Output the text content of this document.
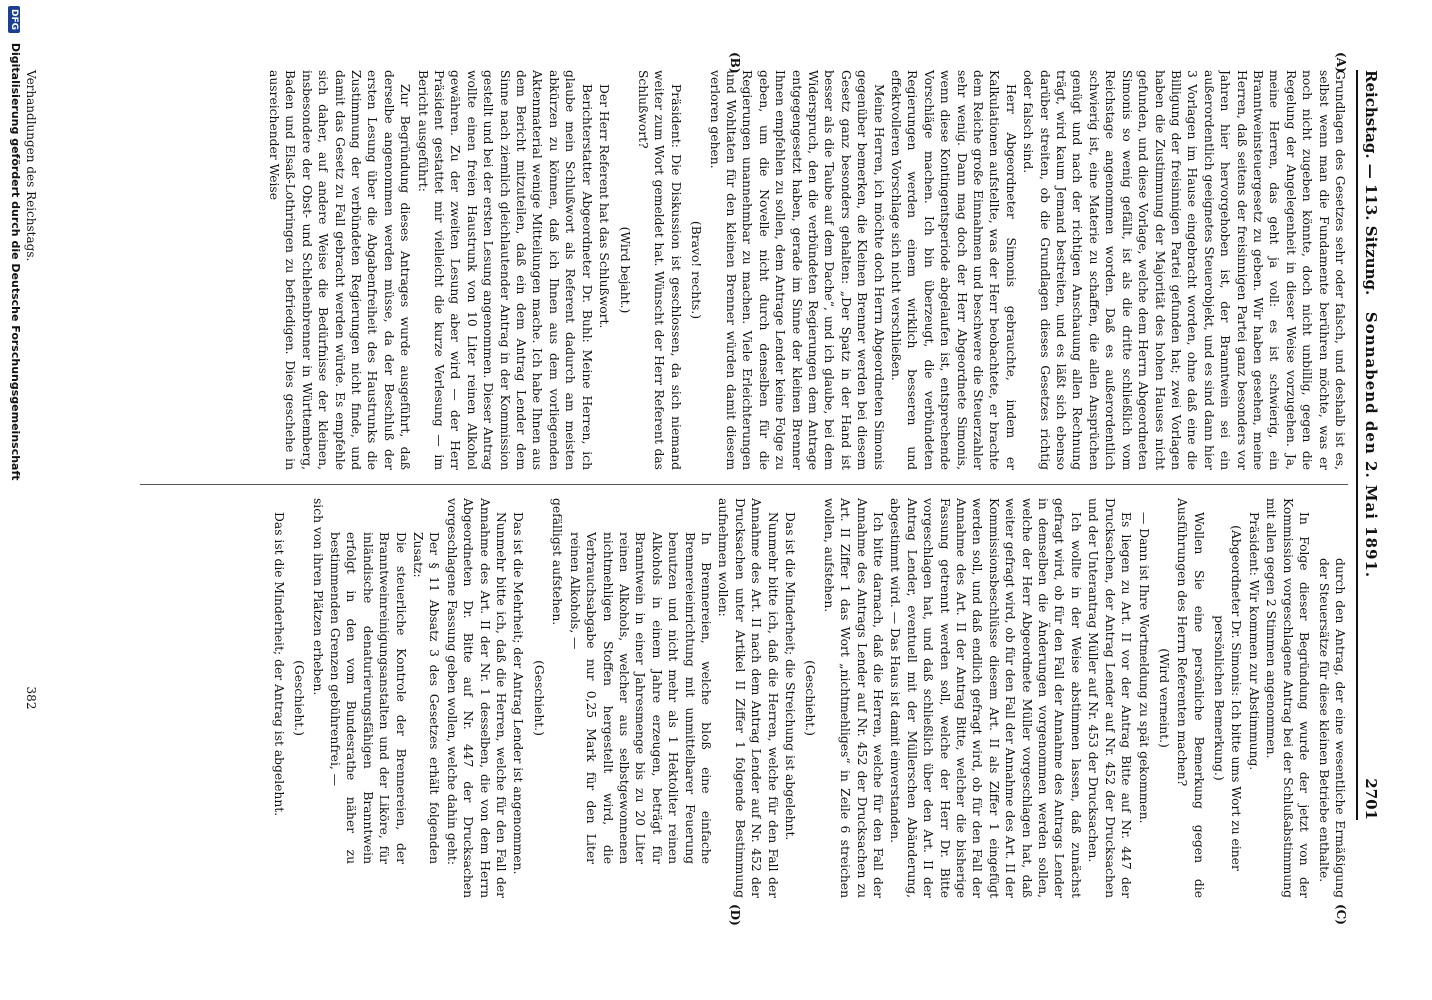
Reichstag. — 113. Sitzung.
Sonnabend den 2. Mai 1891.
2701
(A)
(B)
(C)
(D)

Grundlagen des Gesetzes sehr oder falsch, und deshalb ist es, selbst wenn man die Fundamente berühren möchte, was er noch nicht zugeben könnte, doch nicht unbillig, gegen die Regelung der Angelegenheit in dieser Weise vorzugehen. Ja, meine Herren, das geht ja voll: es ist schwierig, ein Branntweinsteuergesetz zu geben. Wir haben gesehen, meine Herren, daß seitens der freisinnigen Partei ganz besonders vor Jahren hier hervorgehoben ist, der Branntwein sei ein außerordentlich geeignetes Steuerobjekt, und es sind dann hier 3 Vorlagen im Hause eingebracht worden, ohne daß eine die Billigung der freisinnigen Partei gefunden hat; zwei Vorlagen haben die Zustimmung der Majorität des hohen Hauses nicht gefunden, und diese Vorlage, welche dem Herrn Abgeordneten Simonis so wenig gefällt, ist als die dritte schließlich vom Reichstage angenommen worden. Daß es außerordentlich schwierig ist, eine Materie zu schaffen, die allen Ansprüchen genügt und nach der richtigen Anschauung allen Rechnung trägt, wird kaum Jemand bestreiten, und es läßt sich ebenso darüber streiten, ob die Grundlagen dieses Gesetzes richtig oder falsch sind.

Herr Abgeordneter Simonis gebrauchte, indem er Kalkulationen aufstellte, was der Herr beobachtete, er brachte dem Reiche große Einnahmen und beschwere die Steuerzahler sehr wenig. Dann mag doch der Herr Abgeordnete Simonis, wenn diese Kontingentsperiode abgelaufen ist, entsprechende Vorschläge machen. Ich bin überzeugt, die verbündeten Regierungen werden einem wirklich besseren und effektvolleren Vorschlage sich nicht verschließen.

Meine Herren, ich möchte doch Herrn Abgeordneten Simonis gegenüber bemerken, die Kleinen Brenner werden bei diesem Gesetz ganz besonders gehalten: „Der Spatz in der Hand ist besser als die Taube auf dem Dache“, und ich glaube, bei dem Widerspruch, den die verbündeten Regierungen dem Antrage entgegengesetzt haben, gerade im Sinne der kleinen Brenner Ihnen empfehlen zu sollen, dem Antrage Lender keine Folge zu geben, um die Novelle nicht durch denselben für die Regierungen unannehmbar zu machen. Viele Erleichterungen und Wohltaten für den kleinen Brenner würden damit diesem verloren gehen.

(Bravo! rechts.)

Präsident: Die Diskussion ist geschlossen, da sich niemand weiter zum Wort gemeldet hat. Wünscht der Herr Referent das Schlußwort?

(Wird bejaht.)

Der Herr Referent hat das Schlußwort.

Berichterstatter Abgeordneter Dr. Buhl: Meine Herren, ich glaube mein Schlußwort als Referent dadurch am meisten abkürzen zu können, daß ich Ihnen aus dem vorliegenden Aktenmaterial wenige Mitteilungen mache. Ich habe Ihnen aus dem Bericht mitzuteilen, daß ein dem Antrag Lender dem Sinne nach ziemlich gleichlautender Antrag in der Kommission gestellt und bei der ersten Lesung angenommen. Dieser Antrag wollte einen freien Haustrunk von 10 Liter reinen Alkohol gewähren. Zu der zweiten Lesung aber wird — der Herr Präsident gestattet mir vielleicht die kurze Verlesung — im Bericht ausgeführt:

Zur Begründung dieses Antrages wurde ausgeführt, daß derselbe angenommen werden müsse, da der Beschluß der ersten Lesung über die Abgabenfreiheit des Haustrunks die Zustimmung der verbündeten Regierungen nicht finde, und damit das Gesetz zu Fall gebracht werden würde. Es empfehle sich daher, auf andere Weise die Bedürfnisse der kleinen, insbesondere der Obst- und Schlehenbrenner in Württemberg, Baden und Elsaß-Lothringen zu befriedigen. Dies geschehe in ausreichender Weise

durch den Antrag, der eine wesentliche Ermäßigung der Steuersätze für diese kleinen Betriebe enthalte.

In Folge dieser Begründung wurde der jetzt von der Kommission vorgeschlagene Antrag bei der Schlußabstimmung mit allen gegen 2 Stimmen angenommen.

Präsident: Wir kommen zur Abstimmung.

(Abgeordneter Dr. Simonis: Ich bitte ums Wort zu einer persönlichen Bemerkung.)

Wollen Sie eine persönliche Bemerkung gegen die Ausführungen des Herrn Referenten machen?

(Wird verneint.)

— Dann ist Ihre Wortmeldung zu spät gekommen.

Es liegen zu Art. II vor der Antrag Bitte auf Nr. 447 der Drucksachen, der Antrag Lender auf Nr. 452 der Drucksachen und der Unterantrag Müller auf Nr. 453 der Drucksachen.

Ich wollte in der Weise abstimmen lassen, daß zunächst gefragt wird, ob für den Fall der Annahme des Antrags Lender in demselben die Änderungen vorgenommen werden sollen, welche der Herr Abgeordnete Müller vorgeschlagen hat, daß weiter gefragt wird, ob für den Fall der Annahme des Art. II der Kommissionsbeschlüsse diesem Art. II als Ziffer 1 eingefügt werden soll, und daß endlich gefragt wird, ob für den Fall der Annahme des Art. II der Antrag Bitte, welcher die bisherige Fassung getrennt werden soll, welche der Herr Dr. Bitte vorgeschlagen hat, und daß schließlich über den Art. II der Antrag Lender, eventuell mit der Müllerschen Abänderung, abgestimmt wird. — Das Haus ist damit einverstanden.

Ich bitte darnach, daß die Herren, welche für den Fall der Annahme des Antrags Lender auf Nr. 452 der Drucksachen zu Art. II Ziffer 1 das Wort „nichtmehliges“ in Zeile 6 streichen wollen, aufstehen.

(Geschieht.)

Das ist die Minderheit; die Streichung ist abgelehnt.

Nunmehr bitte ich, daß die Herren, welche für den Fall der Annahme des Art. II nach dem Antrag Lender auf Nr. 452 der Drucksachen unter Artikel II Ziffer 1 folgende Bestimmung aufnehmen wollen:

In Brennereien, welche bloß eine einfache Brennereieinrichtung mit unmittelbarer Feuerung benutzen und nicht mehr als 1 Hektoliter reinen Alkohols in einem Jahre erzeugen, beträgt für Branntwein in einer Jahresmenge bis zu 20 Liter reinen Alkohols, welcher aus selbstgewonnenen nichtmehligen Stoffen hergestellt wird, die Verbrauchsabgabe nur 0,25 Mark für den Liter reinen Alkohols, —

gefälligst aufstehen.

(Geschieht.)

Das ist die Mehrheit; der Antrag Lender ist angenommen.

Nunmehr bitte ich, daß die Herren, welche für den Fall der Annahme des Art. II der Nr. 1 desselben, die von dem Herrn Abgeordneten Dr. Bitte auf Nr. 447 der Drucksachen vorgeschlagene Fassung geben wollen, welche dahin geht:

Der § 11 Absatz 3 des Gesetzes erhält folgenden Zusatz:

Die steuerliche Kontrole der Brennereien, der Branntweinreinigungsanstalten und der Liköre, für inländische denaturierungsfähigen Branntwein erfolgt in den vom Bundesrathe näher zu bestimmenden Grenzen gebührenfrei, —

sich von ihren Plätzen erheben.

(Geschieht.)

Das ist die Minderheit; der Antrag ist abgelehnt.

Verhandlungen des Reichstags.
382
DFG Digitalisierung gefördert durch die Deutsche Forschungsgemeinschaft
